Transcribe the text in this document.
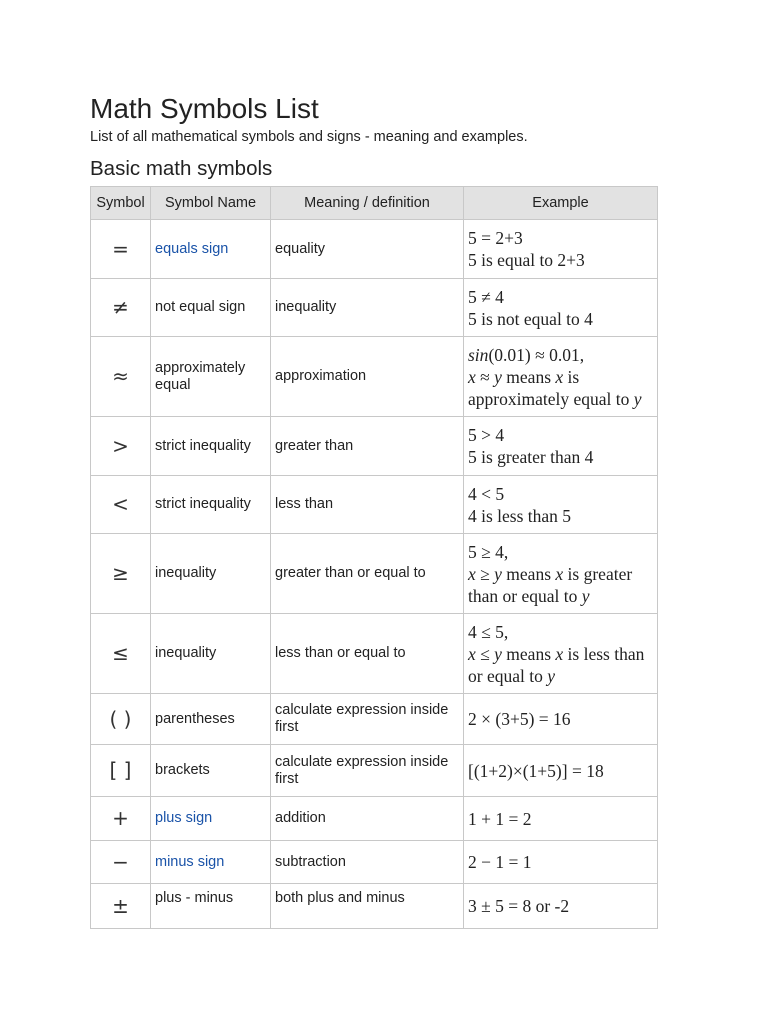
Math Symbols List

List of all mathematical symbols and signs - meaning and examples.

Basic math symbols
Symbol	Symbol Name	Meaning / definition	Example
=	equals sign	equality	5 = 2+3
5 is equal to 2+3

≠	not equal sign	inequality	5 ≠ 4
5 is not equal to 4

≈	approximately equal	approximation	sin(0.01) ≈ 0.01,
x ≈ y means x is approximately equal to y

>	strict inequality	greater than	5 > 4
5 is greater than 4

<	strict inequality	less than	4 < 5
4 is less than 5

≥	inequality	greater than or equal to	5 ≥ 4,
x ≥ y means x is greater than or equal to y

≤	inequality	less than or equal to	4 ≤ 5,
x ≤ y means x is less than or equal to y

( )	parentheses	calculate expression inside first	2 × (3+5) = 16

[ ]	brackets	calculate expression inside first	[(1+2)×(1+5)] = 18

+	plus sign	addition	1 + 1 = 2

−	minus sign	subtraction	2 − 1 = 1

±	plus - minus	both plus and minus	3 ± 5 = 8 or -2
